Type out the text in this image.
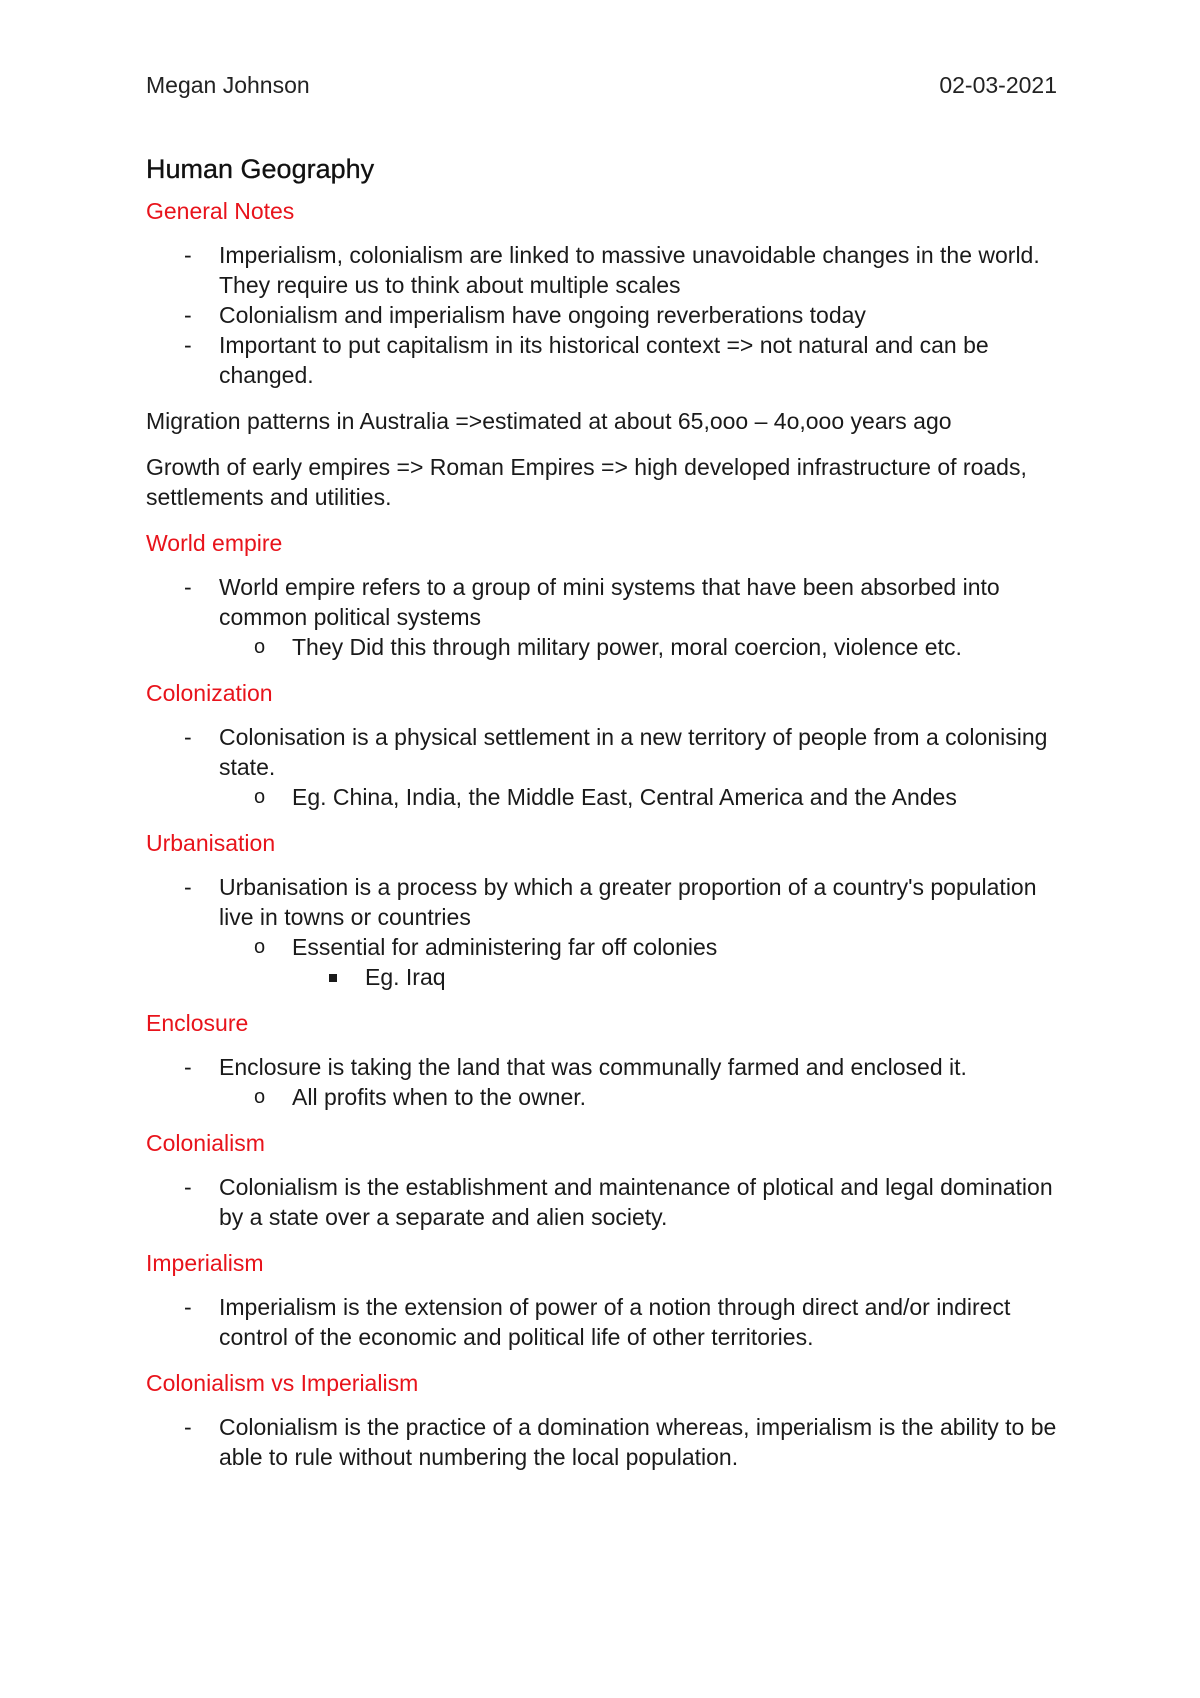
Megan Johnson	02-03-2021
Human Geography
General Notes
- Imperialism, colonialism are linked to massive unavoidable changes in the world. They require us to think about multiple scales
- Colonialism and imperialism have ongoing reverberations today
- Important to put capitalism in its historical context => not natural and can be changed.

Migration patterns in Australia =>estimated at about 65,ooo – 4o,ooo years ago

Growth of early empires => Roman Empires => high developed infrastructure of roads, settlements and utilities.

World empire
- World empire refers to a group of mini systems that have been absorbed into common political systems
o They Did this through military power, moral coercion, violence etc.
Colonization
- Colonisation is a physical settlement in a new territory of people from a colonising state.
o Eg. China, India, the Middle East, Central America and the Andes
Urbanisation
- Urbanisation is a process by which a greater proportion of a country's population live in towns or countries
o Essential for administering far off colonies
Eg. Iraq
Enclosure
- Enclosure is taking the land that was communally farmed and enclosed it.
o All profits when to the owner.
Colonialism
- Colonialism is the establishment and maintenance of plotical and legal domination by a state over a separate and alien society.
Imperialism
- Imperialism is the extension of power of a notion through direct and/or indirect control of the economic and political life of other territories.
Colonialism vs Imperialism
- Colonialism is the practice of a domination whereas, imperialism is the ability to be able to rule without numbering the local population.
